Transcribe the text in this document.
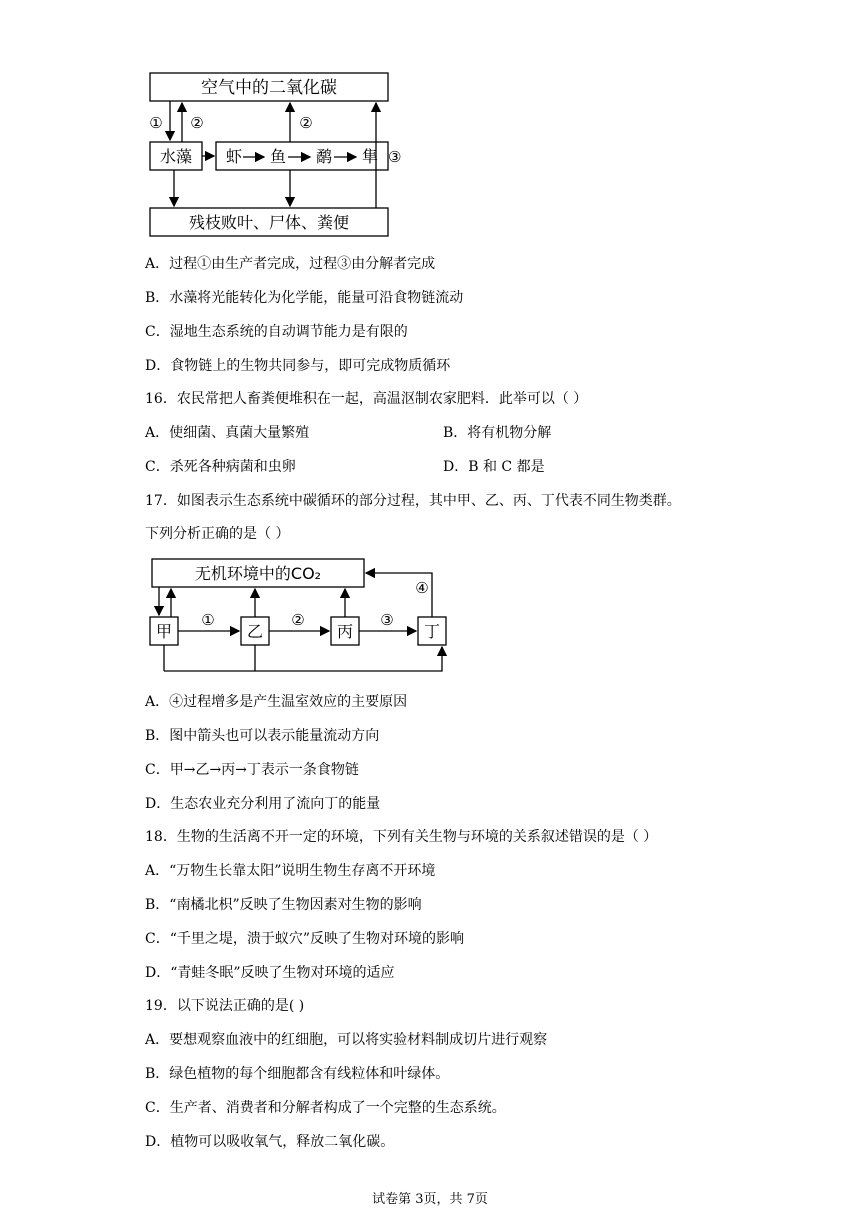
空气中的二氧化碳
水藻 虾 鱼 鹬 隼
残枝败叶、尸体、粪便
① ②	②
③
A．过程①由生产者完成，过程③由分解者完成
B．水藻将光能转化为化学能，能量可沿食物链流动
C．湿地生态系统的自动调节能力是有限的
D．食物链上的生物共同参与，即可完成物质循环
16．农民常把人畜粪便堆积在一起，高温沤制农家肥料．此举可以（ ）
A．使细菌、真菌大量繁殖	B．将有机物分解
C．杀死各种病菌和虫卵	D．B 和 C 都是
17．如图表示生态系统中碳循环的部分过程，其中甲、乙、丙、丁代表不同生物类群。
下列分析正确的是（ ）
无机环境中的CO₂
甲	乙	丙	丁
①	②	③
④
A．④过程增多是产生温室效应的主要原因
B．图中箭头也可以表示能量流动方向
C．甲→乙→丙→丁表示一条食物链
D．生态农业充分利用了流向丁的能量
18．生物的生活离不开一定的环境，下列有关生物与环境的关系叙述错误的是（ ）
A．“万物生长靠太阳”说明生物生存离不开环境
B．“南橘北枳”反映了生物因素对生物的影响
C．“千里之堤，溃于蚁穴”反映了生物对环境的影响
D．“青蛙冬眠”反映了生物对环境的适应
19．以下说法正确的是( )
A．要想观察血液中的红细胞，可以将实验材料制成切片进行观察
B．绿色植物的每个细胞都含有线粒体和叶绿体。
C．生产者、消费者和分解者构成了一个完整的生态系统。
D．植物可以吸收氧气，释放二氧化碳。
试卷第 3页，共 7页
